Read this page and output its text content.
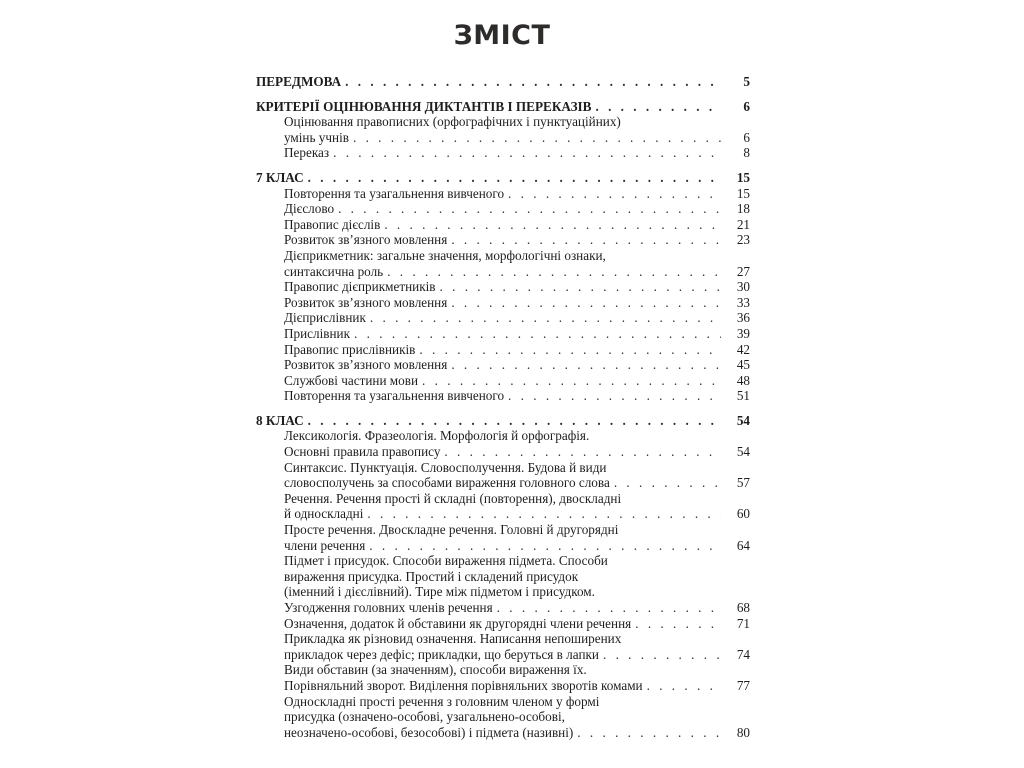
ЗМІСТ
ПЕРЕДМОВА . . .	5
КРИТЕРІЇ ОЦІНЮВАННЯ ДИКТАНТІВ І ПЕРЕКАЗІВ . . .	6
Оцінювання правописних (орфографічних і пунктуаційних)
умінь учнів . . .	6
Переказ . . .	8
7 КЛАС . . .	15
Повторення та узагальнення вивченого . . .	15
Дієслово . . .	18
Правопис дієслів . . .	21
Розвиток зв’язного мовлення . . .	23
Дієприкметник: загальне значення, морфологічні ознаки,
синтаксична роль . . .	27
Правопис дієприкметників . . .	30
Розвиток зв’язного мовлення . . .	33
Дієприслівник . . .	36
Прислівник . . .	39
Правопис прислівників . . .	42
Розвиток зв’язного мовлення . . .	45
Службові частини мови . . .	48
Повторення та узагальнення вивченого . . .	51
8 КЛАС . . .	54
Лексикологія. Фразеологія. Морфологія й орфографія.
Основні правила правопису . . .	54
Синтаксис. Пунктуація. Словосполучення. Будова й види
словосполучень за способами вираження головного слова . . .	57
Речення. Речення прості й складні (повторення), двоскладні
й односкладні . . .	60
Просте речення. Двоскладне речення. Головні й другорядні
члени речення . . .	64
Підмет і присудок. Способи вираження підмета. Способи
вираження присудка. Простий і складений присудок
(іменний і дієслівний). Тире між підметом і присудком.
Узгодження головних членів речення . . .	68
Означення, додаток й обставини як другорядні члени речення . . .	71
Прикладка як різновид означення. Написання непоширених
прикладок через дефіс; прикладки, що беруться в лапки . . .	74
Види обставин (за значенням), способи вираження їх.
Порівняльний зворот. Виділення порівняльних зворотів комами . . .	77
Односкладні прості речення з головним членом у формі
присудка (означено-особові, узагальнено-особові,
неозначено-особові, безособові) і підмета (називні) . . .	80
